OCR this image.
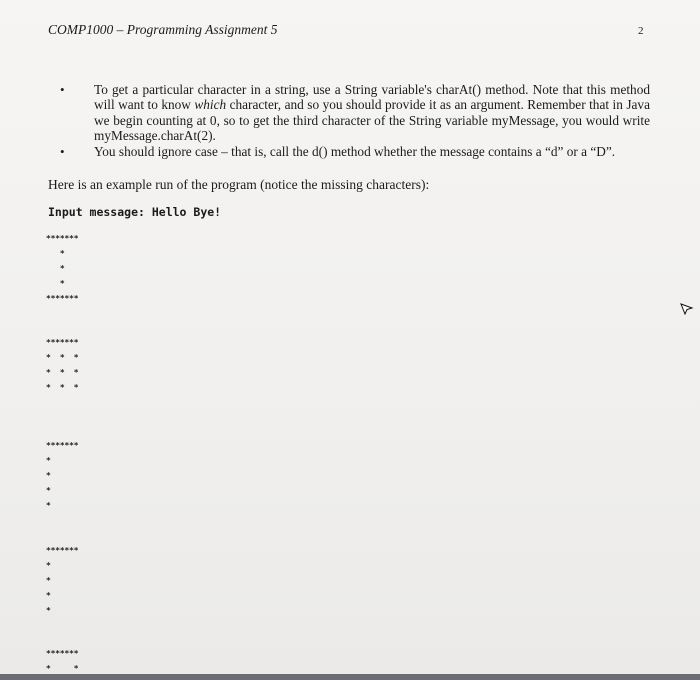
COMP1000 – Programming Assignment 5	2
• To get a particular character in a string, use a String variable's charAt() method. Note that this method will want to know which character, and so you should provide it as an argument. Remember that in Java we begin counting at 0, so to get the third character of the String variable myMessage, you would write myMessage.charAt(2).
• You should ignore case – that is, call the d() method whether the message contains a “d” or a “D”.
Here is an example run of the program (notice the missing characters):
Input message: Hello Bye!
*******
*
*
*
*******
*******
*  *  *
*  *  *
*  *  *
*******
*
*
*
*
*******
*
*
*
*
*******
*     *
